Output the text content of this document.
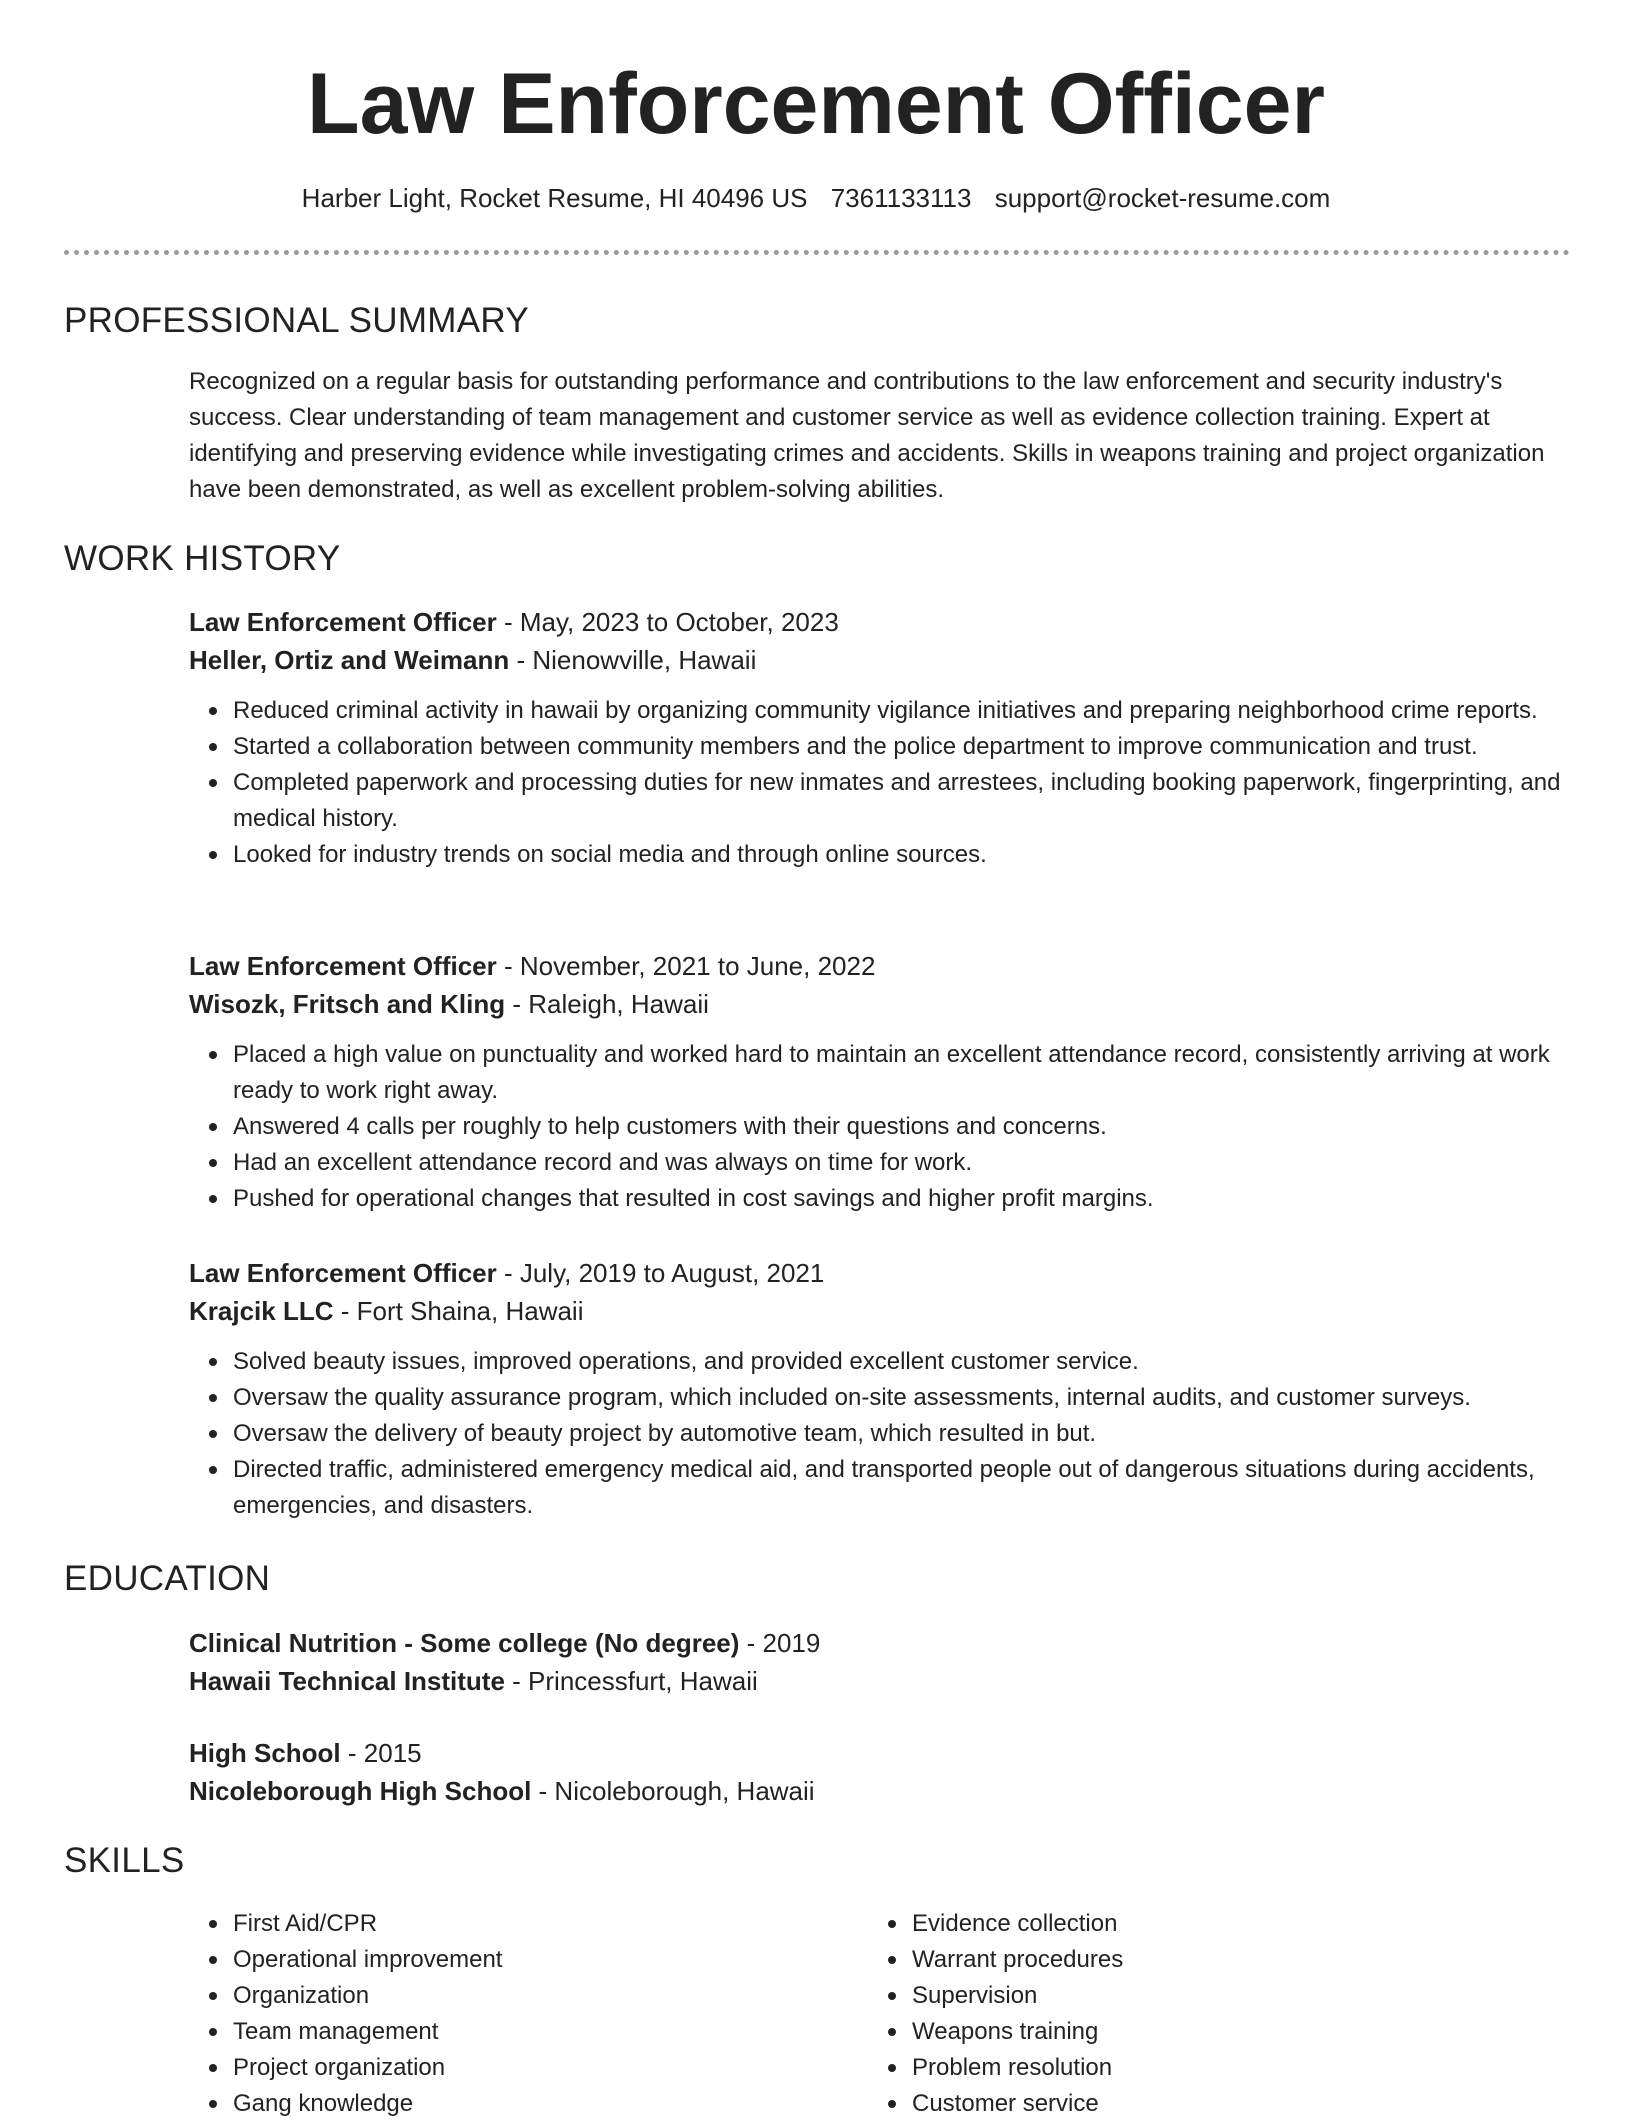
Law Enforcement Officer
Harber Light, Rocket Resume, HI 40496 US 7361133113 support@rocket-resume.com
PROFESSIONAL SUMMARY

Recognized on a regular basis for outstanding performance and contributions to the law enforcement and security industry's success. Clear understanding of team management and customer service as well as evidence collection training. Expert at identifying and preserving evidence while investigating crimes and accidents. Skills in weapons training and project organization have been demonstrated, as well as excellent problem-solving abilities.

WORK HISTORY
Law Enforcement Officer - May, 2023 to October, 2023
Heller, Ortiz and Weimann - Nienowville, Hawaii
Reduced criminal activity in hawaii by organizing community vigilance initiatives and preparing neighborhood crime reports.
Started a collaboration between community members and the police department to improve communication and trust.
Completed paperwork and processing duties for new inmates and arrestees, including booking paperwork, fingerprinting, and medical history.
Looked for industry trends on social media and through online sources.
Law Enforcement Officer - November, 2021 to June, 2022
Wisozk, Fritsch and Kling - Raleigh, Hawaii
Placed a high value on punctuality and worked hard to maintain an excellent attendance record, consistently arriving at work ready to work right away.
Answered 4 calls per roughly to help customers with their questions and concerns.
Had an excellent attendance record and was always on time for work.
Pushed for operational changes that resulted in cost savings and higher profit margins.
Law Enforcement Officer - July, 2019 to August, 2021
Krajcik LLC - Fort Shaina, Hawaii
Solved beauty issues, improved operations, and provided excellent customer service.
Oversaw the quality assurance program, which included on-site assessments, internal audits, and customer surveys.
Oversaw the delivery of beauty project by automotive team, which resulted in but.
Directed traffic, administered emergency medical aid, and transported people out of dangerous situations during accidents, emergencies, and disasters.
EDUCATION
Clinical Nutrition - Some college (No degree) - 2019
Hawaii Technical Institute - Princessfurt, Hawaii
High School - 2015
Nicoleborough High School - Nicoleborough, Hawaii
SKILLS
First Aid/CPR
Operational improvement
Organization
Team management
Project organization
Gang knowledge
Evidence collection
Warrant procedures
Supervision
Weapons training
Problem resolution
Customer service
